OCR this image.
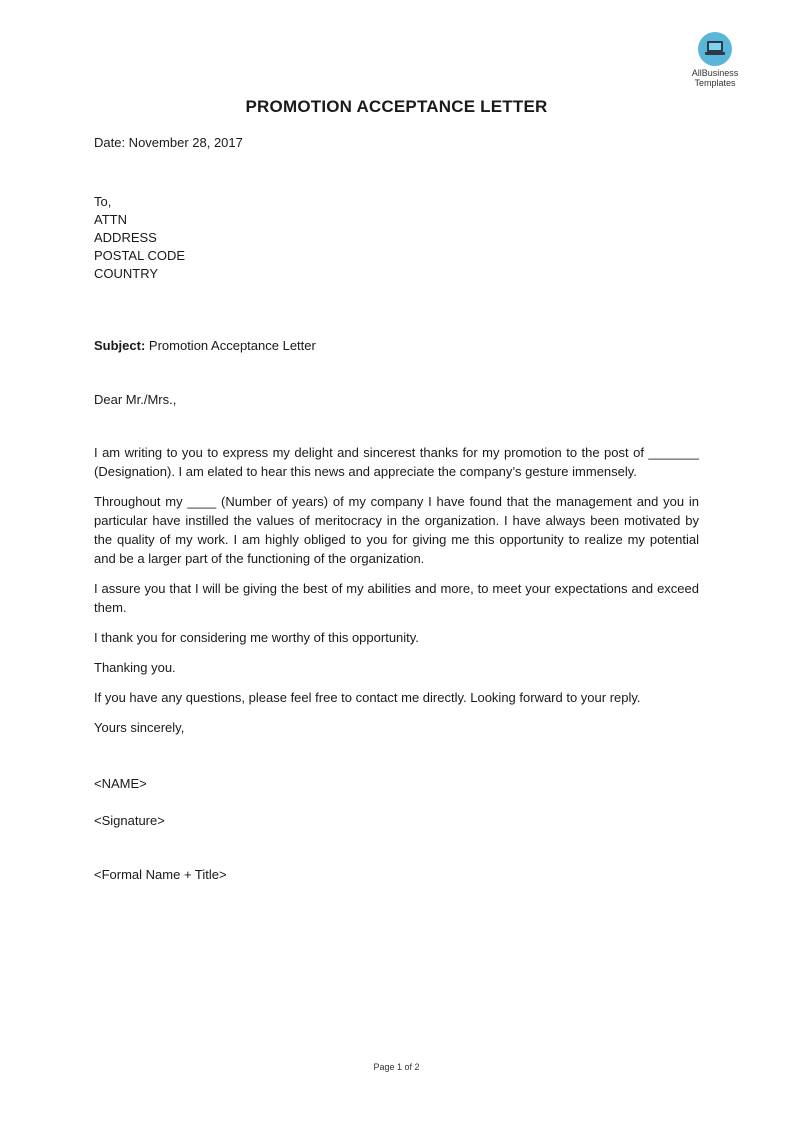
AllBusiness
Templates
PROMOTION ACCEPTANCE LETTER
Date: November 28, 2017
To,
ATTN
ADDRESS
POSTAL CODE
COUNTRY
Subject: Promotion Acceptance Letter
Dear Mr./Mrs.,

I am writing to you to express my delight and sincerest thanks for my promotion to the post of _______ (Designation). I am elated to hear this news and appreciate the company’s gesture immensely.

Throughout my ____ (Number of years) of my company I have found that the management and you in particular have instilled the values of meritocracy in the organization. I have always been motivated by the quality of my work. I am highly obliged to you for giving me this opportunity to realize my potential and be a larger part of the functioning of the organization.

I assure you that I will be giving the best of my abilities and more, to meet your expectations and exceed them.

I thank you for considering me worthy of this opportunity.

Thanking you.

If you have any questions, please feel free to contact me directly. Looking forward to your reply.

Yours sincerely,

<NAME>
<Signature>
<Formal Name + Title>
Page 1 of 2
